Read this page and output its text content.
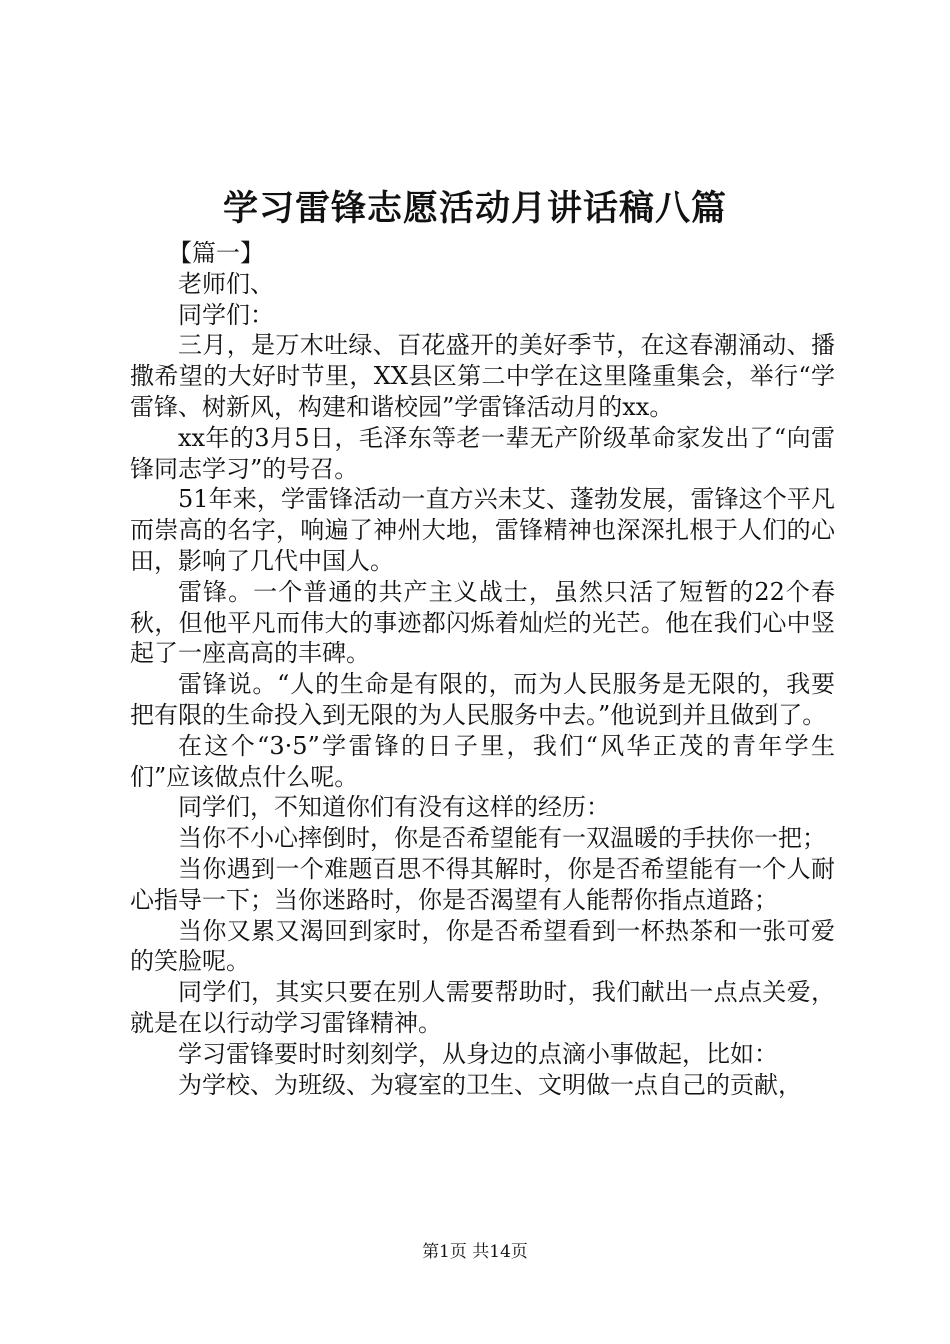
学习雷锋志愿活动月讲话稿八篇

【篇一】

老师们、

同学们：

三月，是万木吐绿、百花盛开的美好季节，在这春潮涌动、播撒希望的大好时节里，XX县区第二中学在这里隆重集会，举行“学雷锋、树新风，构建和谐校园”学雷锋活动月的xx。

xx年的3月5日，毛泽东等老一辈无产阶级革命家发出了“向雷锋同志学习”的号召。

51年来，学雷锋活动一直方兴未艾、蓬勃发展，雷锋这个平凡而崇高的名字，响遍了神州大地，雷锋精神也深深扎根于人们的心田，影响了几代中国人。

雷锋。一个普通的共产主义战士，虽然只活了短暂的22个春秋，但他平凡而伟大的事迹都闪烁着灿烂的光芒。他在我们心中竖起了一座高高的丰碑。

雷锋说。“人的生命是有限的，而为人民服务是无限的，我要把有限的生命投入到无限的为人民服务中去。”他说到并且做到了。

在这个“3·5”学雷锋的日子里，我们“风华正茂的青年学生们”应该做点什么呢。

同学们，不知道你们有没有这样的经历：

当你不小心摔倒时，你是否希望能有一双温暖的手扶你一把；

当你遇到一个难题百思不得其解时，你是否希望能有一个人耐心指导一下；当你迷路时，你是否渴望有人能帮你指点道路；

当你又累又渴回到家时，你是否希望看到一杯热茶和一张可爱的笑脸呢。

同学们，其实只要在别人需要帮助时，我们献出一点点关爱，就是在以行动学习雷锋精神。

学习雷锋要时时刻刻学，从身边的点滴小事做起，比如：

为学校、为班级、为寝室的卫生、文明做一点自己的贡献，

第1页 共14页
